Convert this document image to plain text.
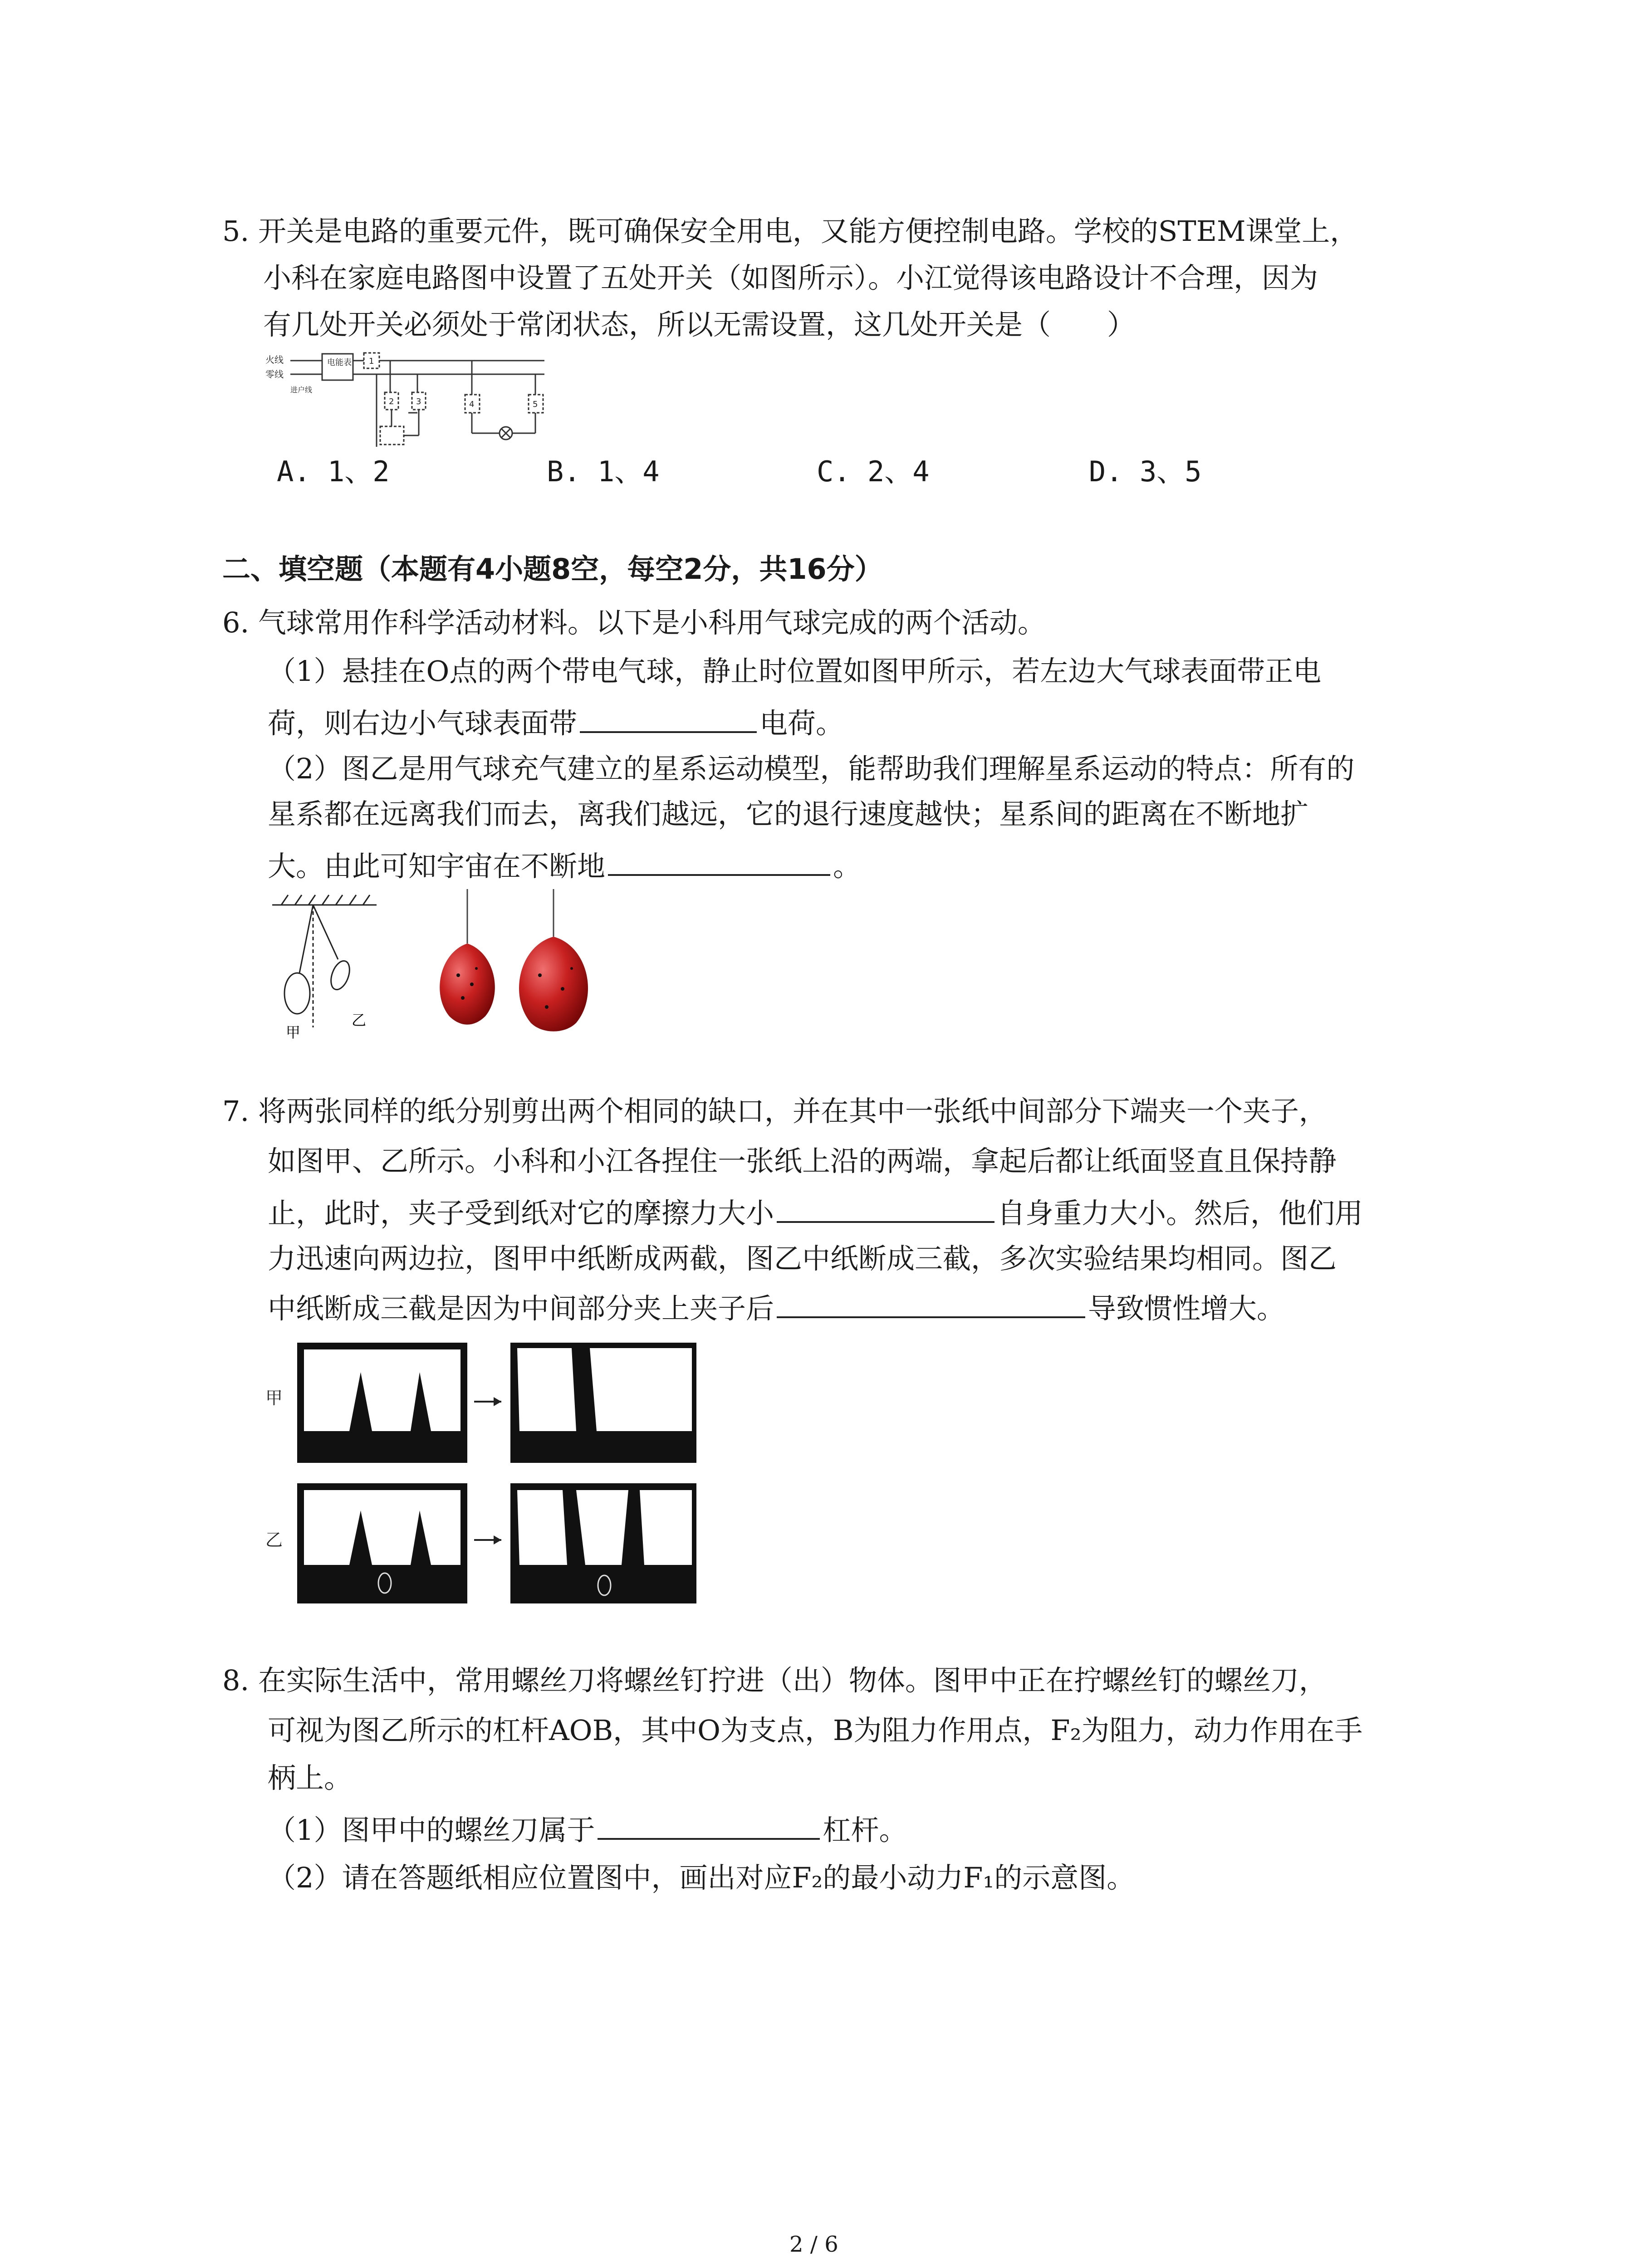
5. 开关是电路的重要元件，既可确保安全用电，又能方便控制电路。学校的STEM课堂上，
小科在家庭电路图中设置了五处开关（如图所示）。小江觉得该电路设计不合理，因为
有几处开关必须处于常闭状态，所以无需设置，这几处开关是（　　）
火线
零线
进户线
电能表 1
2	3	4	5
A. 1、2	B. 1、4	C. 2、4	D. 3、5
二、填空题（本题有4小题8空，每空2分，共16分）
6. 气球常用作科学活动材料。以下是小科用气球完成的两个活动。
（1）悬挂在O点的两个带电气球，静止时位置如图甲所示，若左边大气球表面带正电
荷，则右边小气球表面带	电荷。
（2）图乙是用气球充气建立的星系运动模型，能帮助我们理解星系运动的特点：所有的
星系都在远离我们而去，离我们越远，它的退行速度越快；星系间的距离在不断地扩
大。由此可知宇宙在不断地	。
甲
乙
7. 将两张同样的纸分别剪出两个相同的缺口，并在其中一张纸中间部分下端夹一个夹子，
如图甲、乙所示。小科和小江各捏住一张纸上沿的两端，拿起后都让纸面竖直且保持静
止，此时，夹子受到纸对它的摩擦力大小	自身重力大小。然后，他们用
力迅速向两边拉，图甲中纸断成两截，图乙中纸断成三截，多次实验结果均相同。图乙
中纸断成三截是因为中间部分夹上夹子后	导致惯性增大。
甲
乙
8. 在实际生活中，常用螺丝刀将螺丝钉拧进（出）物体。图甲中正在拧螺丝钉的螺丝刀，
可视为图乙所示的杠杆AOB，其中O为支点，B为阻力作用点，F₂为阻力，动力作用在手
柄上。
（1）图甲中的螺丝刀属于	杠杆。
（2）请在答题纸相应位置图中，画出对应F₂的最小动力F₁的示意图。
2 / 6
